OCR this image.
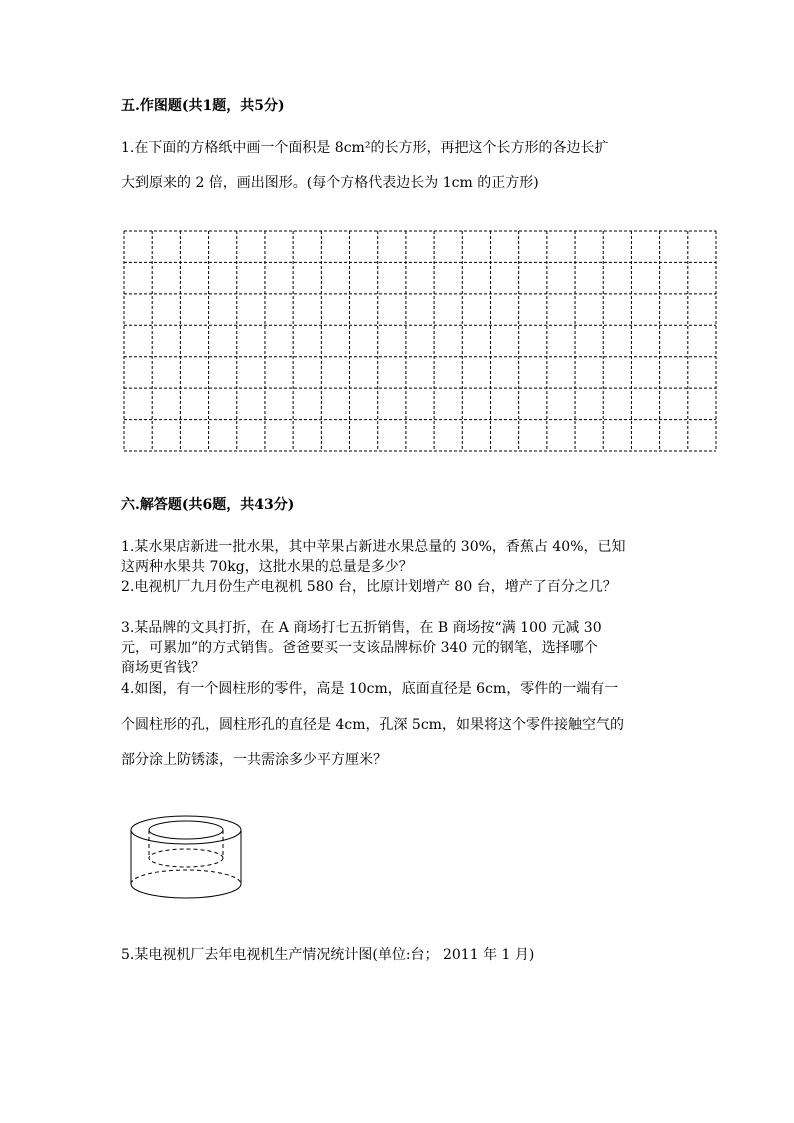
五.作图题(共1题，共5分)

1.在下面的方格纸中画一个面积是 8cm²的长方形，再把这个长方形的各边长扩

大到原来的 2 倍，画出图形。(每个方格代表边长为 1cm 的正方形)

六.解答题(共6题，共43分)

1.某水果店新进一批水果，其中苹果占新进水果总量的 30%，香蕉占 40%，已知

这两种水果共 70kg，这批水果的总量是多少？

2.电视机厂九月份生产电视机 580 台，比原计划增产 80 台，增产了百分之几？

3.某品牌的文具打折，在 A 商场打七五折销售，在 B 商场按“满 100 元减 30

元，可累加”的方式销售。爸爸要买一支该品牌标价 340 元的钢笔，选择哪个

商场更省钱？

4.如图，有一个圆柱形的零件，高是 10cm，底面直径是 6cm，零件的一端有一

个圆柱形的孔，圆柱形孔的直径是 4cm，孔深 5cm，如果将这个零件接触空气的

部分涂上防锈漆，一共需涂多少平方厘米？

5.某电视机厂去年电视机生产情况统计图(单位:台； 2011 年 1 月)
